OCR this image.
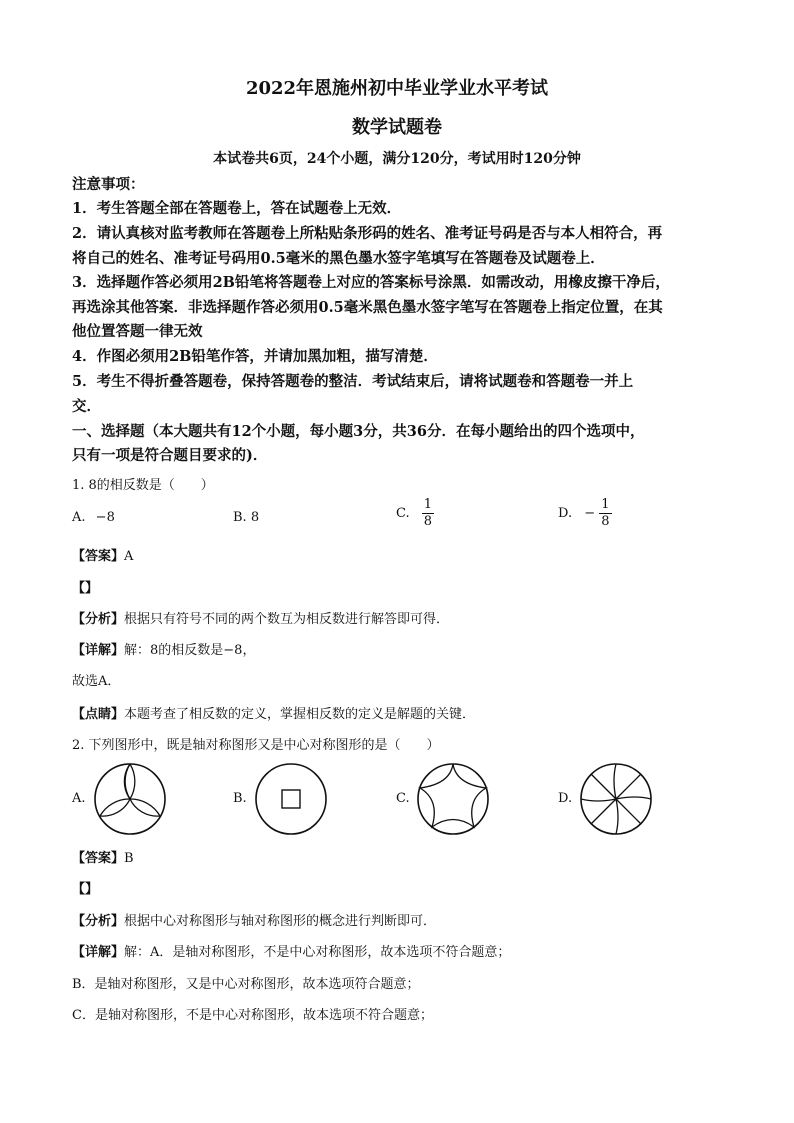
2022年恩施州初中毕业学业水平考试
数学试题卷
本试卷共6页，24个小题，满分120分，考试用时120分钟
注意事项：
1．考生答题全部在答题卷上，答在试题卷上无效．
2．请认真核对监考教师在答题卷上所粘贴条形码的姓名、准考证号码是否与本人相符合，再
将自己的姓名、准考证号码用0.5毫米的黑色墨水签字笔填写在答题卷及试题卷上．
3．选择题作答必须用2B铅笔将答题卷上对应的答案标号涂黑．如需改动，用橡皮擦干净后，
再选涂其他答案．非选择题作答必须用0.5毫米黑色墨水签字笔写在答题卷上指定位置，在其
他位置答题一律无效
4．作图必须用2B铅笔作答，并请加黑加粗，描写清楚．
5．考生不得折叠答题卷，保持答题卷的整洁．考试结束后，请将试题卷和答题卷一并上
交．
一、选择题（本大题共有12个小题，每小题3分，共36分．在每小题给出的四个选项中，
只有一项是符合题目要求的)．
1. 8的相反数是（　　）
A. −8	B. 8	C. $\frac{1}{8}$	D. − $\frac{1}{8}$
【答案】A
【】
【分析】根据只有符号不同的两个数互为相反数进行解答即可得．
【详解】解：8的相反数是−8，
故选A．
【点睛】本题考查了相反数的定义，掌握相反数的定义是解题的关键．
2. 下列图形中，既是轴对称图形又是中心对称图形的是（　　）
A.	B.	C.	D.
【答案】B
【】
【分析】根据中心对称图形与轴对称图形的概念进行判断即可．
【详解】解：A．是轴对称图形，不是中心对称图形，故本选项不符合题意；
B．是轴对称图形，又是中心对称图形，故本选项符合题意；
C．是轴对称图形，不是中心对称图形，故本选项不符合题意；
